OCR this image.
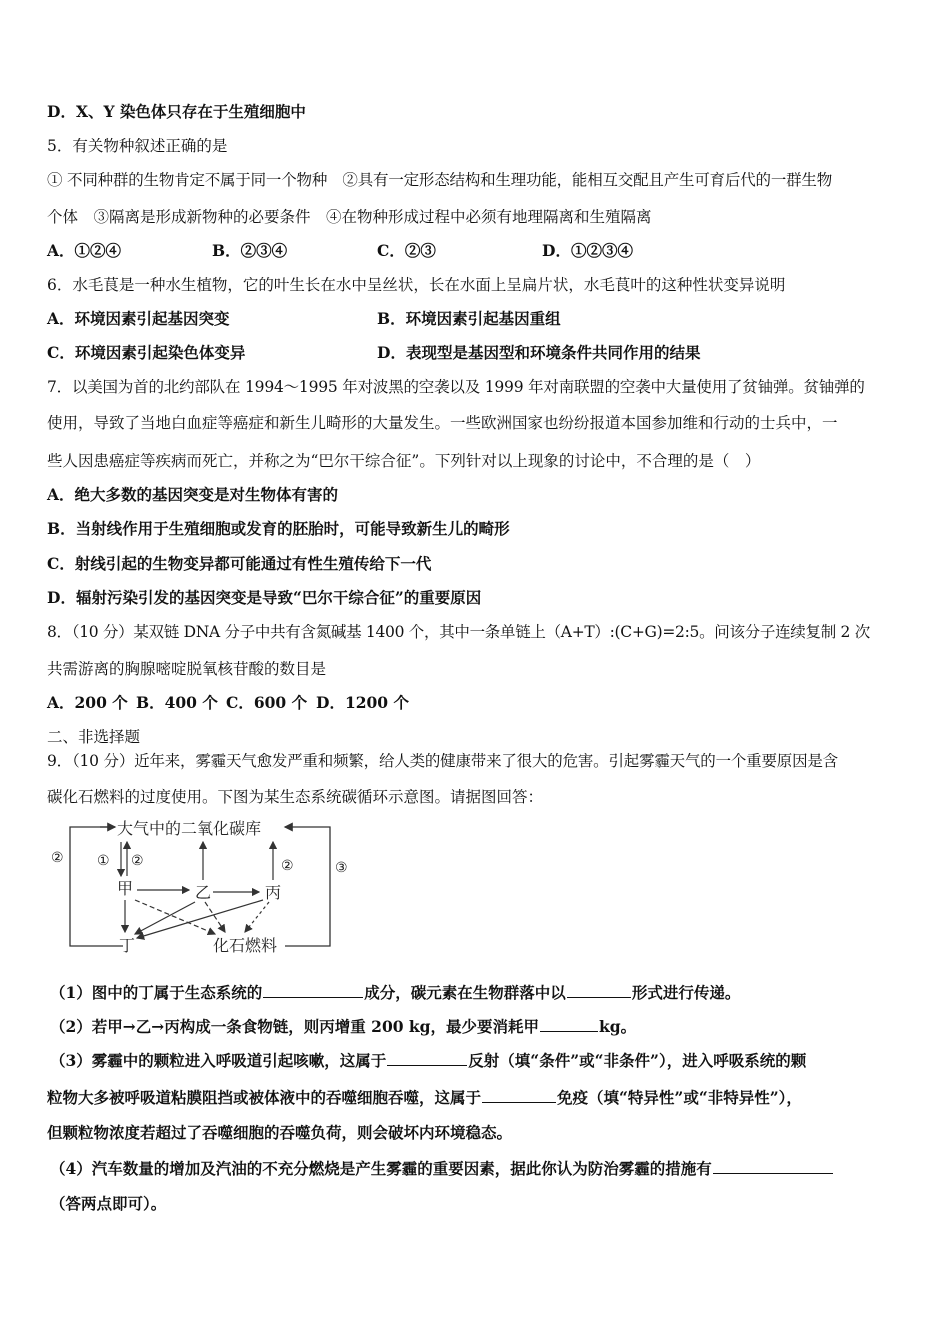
D．X、Y 染色体只存在于生殖细胞中
5．有关物种叙述正确的是
① 不同种群的生物肯定不属于同一个物种　②具有一定形态结构和生理功能，能相互交配且产生可育后代的一群生物
个体　③隔离是形成新物种的必要条件　④在物种形成过程中必须有地理隔离和生殖隔离
A．①②④	B．②③④	C．②③	D．①②③④
6．水毛茛是一种水生植物，它的叶生长在水中呈丝状，长在水面上呈扁片状，水毛茛叶的这种性状变异说明
A．环境因素引起基因突变	B．环境因素引起基因重组
C．环境因素引起染色体变异	D．表现型是基因型和环境条件共同作用的结果
7．以美国为首的北约部队在 1994～1995 年对波黑的空袭以及 1999 年对南联盟的空袭中大量使用了贫铀弹。贫铀弹的
使用，导致了当地白血症等癌症和新生儿畸形的大量发生。一些欧洲国家也纷纷报道本国参加维和行动的士兵中，一
些人因患癌症等疾病而死亡，并称之为“巴尔干综合征”。下列针对以上现象的讨论中，不合理的是（　）
A．绝大多数的基因突变是对生物体有害的
B．当射线作用于生殖细胞或发育的胚胎时，可能导致新生儿的畸形
C．射线引起的生物变异都可能通过有性生殖传给下一代
D．辐射污染引发的基因突变是导致“巴尔干综合征”的重要原因
8．（10 分）某双链 DNA 分子中共有含氮碱基 1400 个，其中一条单链上（A+T）:(C+G)=2:5。问该分子连续复制 2 次
共需游离的胸腺嘧啶脱氧核苷酸的数目是
A．200 个 B．400 个 C．600 个 D．1200 个
二、非选择题
9．（10 分）近年来，雾霾天气愈发严重和频繁，给人类的健康带来了很大的危害。引起雾霾天气的一个重要原因是含
碳化石燃料的过度使用。下图为某生态系统碳循环示意图。请据图回答：
大气中的二氧化碳库
甲	乙	丙
丁	化石燃料
② ① ②	②	③
（1）图中的丁属于生态系统的	成分，碳元素在生物群落中以	形式进行传递。
（2）若甲→乙→丙构成一条食物链，则丙增重 200 kg，最少要消耗甲	kg。
（3）雾霾中的颗粒进入呼吸道引起咳嗽，这属于	反射（填“条件”或“非条件”），进入呼吸系统的颗
粒物大多被呼吸道粘膜阻挡或被体液中的吞噬细胞吞噬，这属于	免疫（填“特异性”或“非特异性”），
但颗粒物浓度若超过了吞噬细胞的吞噬负荷，则会破坏内环境稳态。
（4）汽车数量的增加及汽油的不充分燃烧是产生雾霾的重要因素，据此你认为防治雾霾的措施有
（答两点即可）。
